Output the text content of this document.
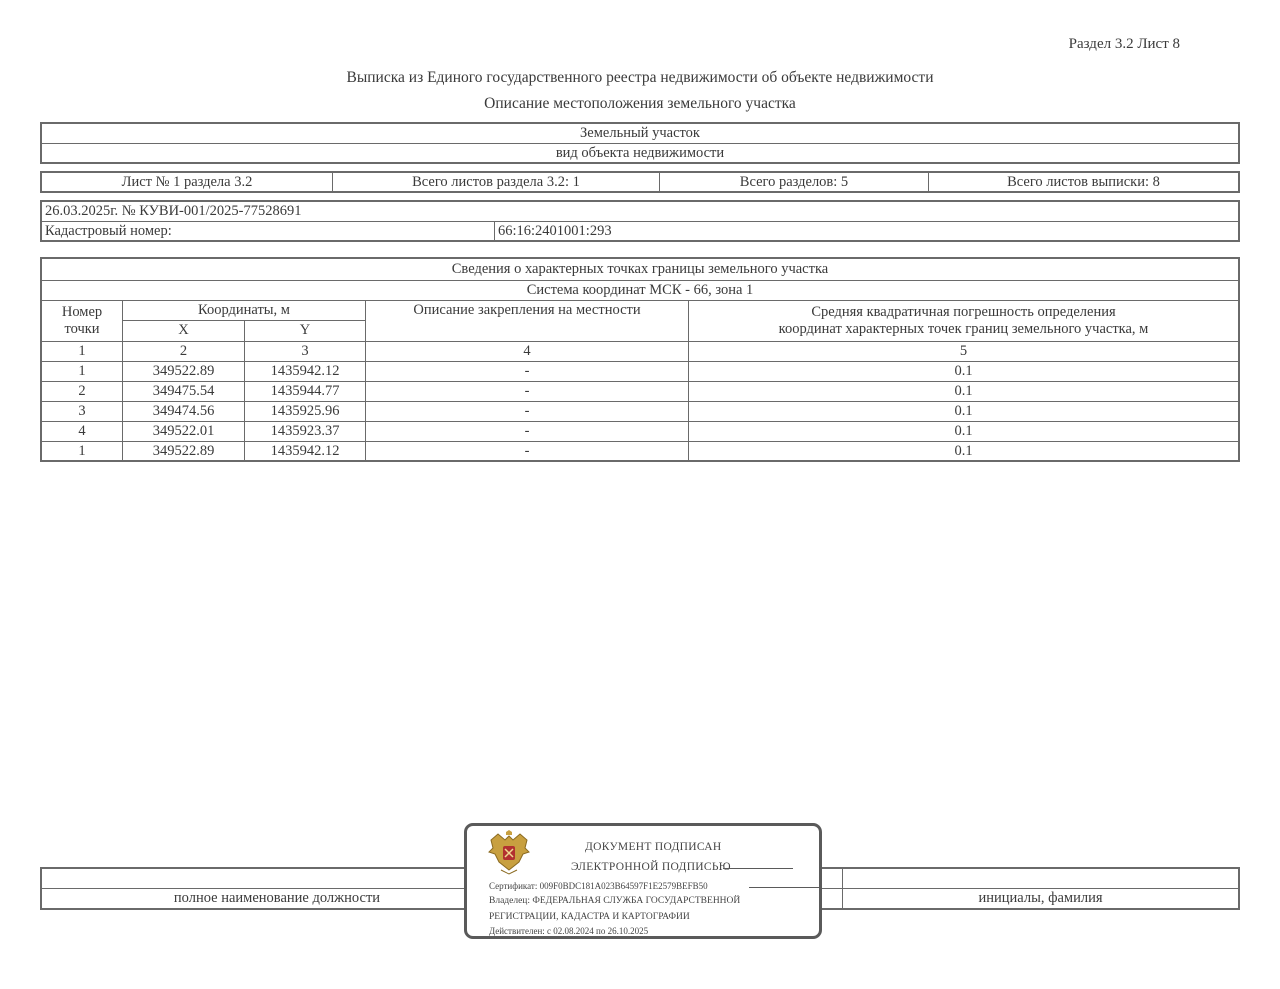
Раздел 3.2 Лист 8
Выписка из Единого государственного реестра недвижимости об объекте недвижимости
Описание местоположения земельного участка
Земельный участок
вид объекта недвижимости
Лист № 1 раздела 3.2	Всего листов раздела 3.2: 1	Всего разделов: 5	Всего листов выписки: 8
26.03.2025г. № КУВИ-001/2025-77528691
Кадастровый номер:	66:16:2401001:293
Сведения о характерных точках границы земельного участка
Система координат МСК - 66, зона 1
Номер
точки
Координаты, м
X	Y
Описание закрепления на местности	Средняя квадратичная погрешность определения
координат характерных точек границ земельного участка, м
1	2	3	4	5
1	349522.89	1435942.12	-	0.1
2	349475.54	1435944.77	-	0.1
3	349474.56	1435925.96	-	0.1
4	349522.01	1435923.37	-	0.1
1	349522.89	1435942.12	-	0.1
полное наименование должности	инициалы, фамилия
ДОКУМЕНТ ПОДПИСАН
ЭЛЕКТРОННОЙ ПОДПИСЬЮ
Сертификат: 009F0BDC181A023B64597F1E2579BEFB50
Владелец: ФЕДЕРАЛЬНАЯ СЛУЖБА ГОСУДАРСТВЕННОЙ
РЕГИСТРАЦИИ, КАДАСТРА И КАРТОГРАФИИ
Действителен: с 02.08.2024 по 26.10.2025
